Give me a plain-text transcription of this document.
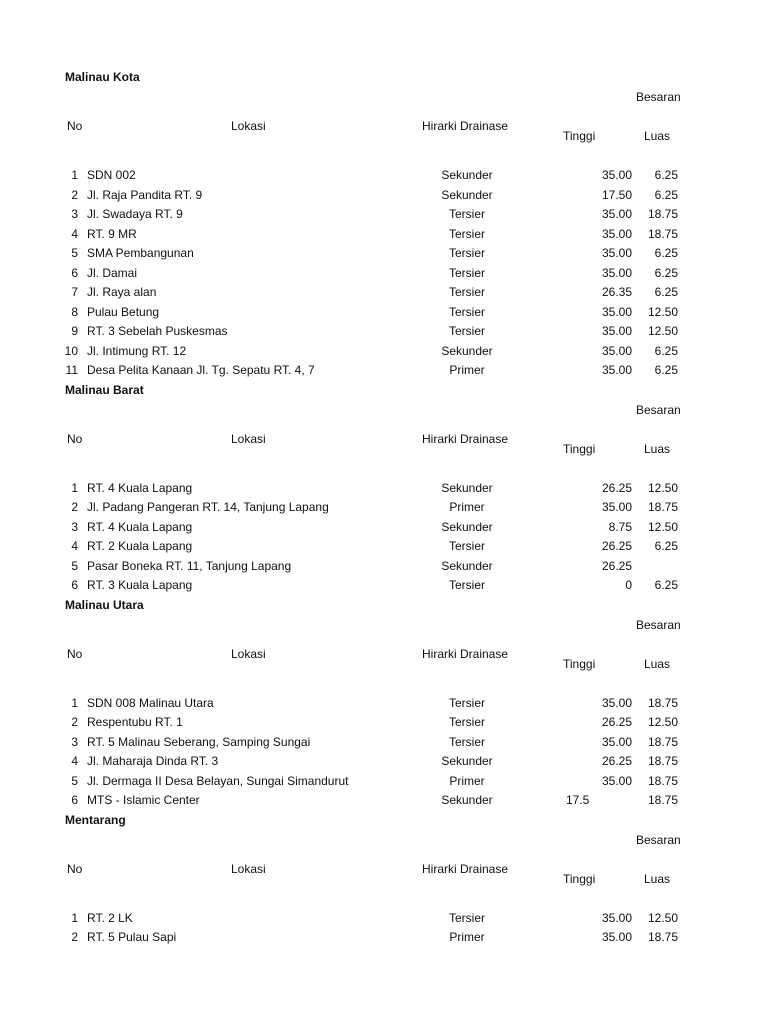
Malinau Kota
Besaran
No	Lokasi	Hirarki Drainase
Tinggi	Luas
1 SDN 002	Sekunder	35.00	6.25
2 Jl. Raja Pandita RT. 9	Sekunder	17.50	6.25
3 Jl. Swadaya RT. 9	Tersier	35.00	18.75
4 RT. 9 MR	Tersier	35.00	18.75
5 SMA Pembangunan	Tersier	35.00	6.25
6 Jl. Damai	Tersier	35.00	6.25
7 Jl. Raya alan	Tersier	26.35	6.25
8 Pulau Betung	Tersier	35.00	12.50
9 RT. 3 Sebelah Puskesmas	Tersier	35.00	12.50
10 Jl. Intimung RT. 12	Sekunder	35.00	6.25
11 Desa Pelita Kanaan Jl. Tg. Sepatu RT. 4, 7	Primer	35.00	6.25
Malinau Barat
Besaran
No	Lokasi	Hirarki Drainase
Tinggi	Luas
1 RT. 4 Kuala Lapang	Sekunder	26.25	12.50
2 Jl. Padang Pangeran RT. 14, Tanjung Lapang	Primer	35.00	18.75
3 RT. 4 Kuala Lapang	Sekunder	8.75	12.50
4 RT. 2 Kuala Lapang	Tersier	26.25	6.25
5 Pasar Boneka RT. 11, Tanjung Lapang	Sekunder	26.25
6 RT. 3 Kuala Lapang	Tersier	0	6.25
Malinau Utara
Besaran
No	Lokasi	Hirarki Drainase
Tinggi	Luas
1 SDN 008 Malinau Utara	Tersier	35.00	18.75
2 Respentubu RT. 1	Tersier	26.25	12.50
3 RT. 5 Malinau Seberang, Samping Sungai	Tersier	35.00	18.75
4 Jl. Maharaja Dinda RT. 3	Sekunder	26.25	18.75
5 Jl. Dermaga II Desa Belayan, Sungai Simandurut	Primer	35.00	18.75
6 MTS - Islamic Center	Sekunder	17.5	18.75
Mentarang
Besaran
No	Lokasi	Hirarki Drainase
Tinggi	Luas
1 RT. 2 LK	Tersier	35.00	12.50
2 RT. 5 Pulau Sapi	Primer	35.00	18.75
